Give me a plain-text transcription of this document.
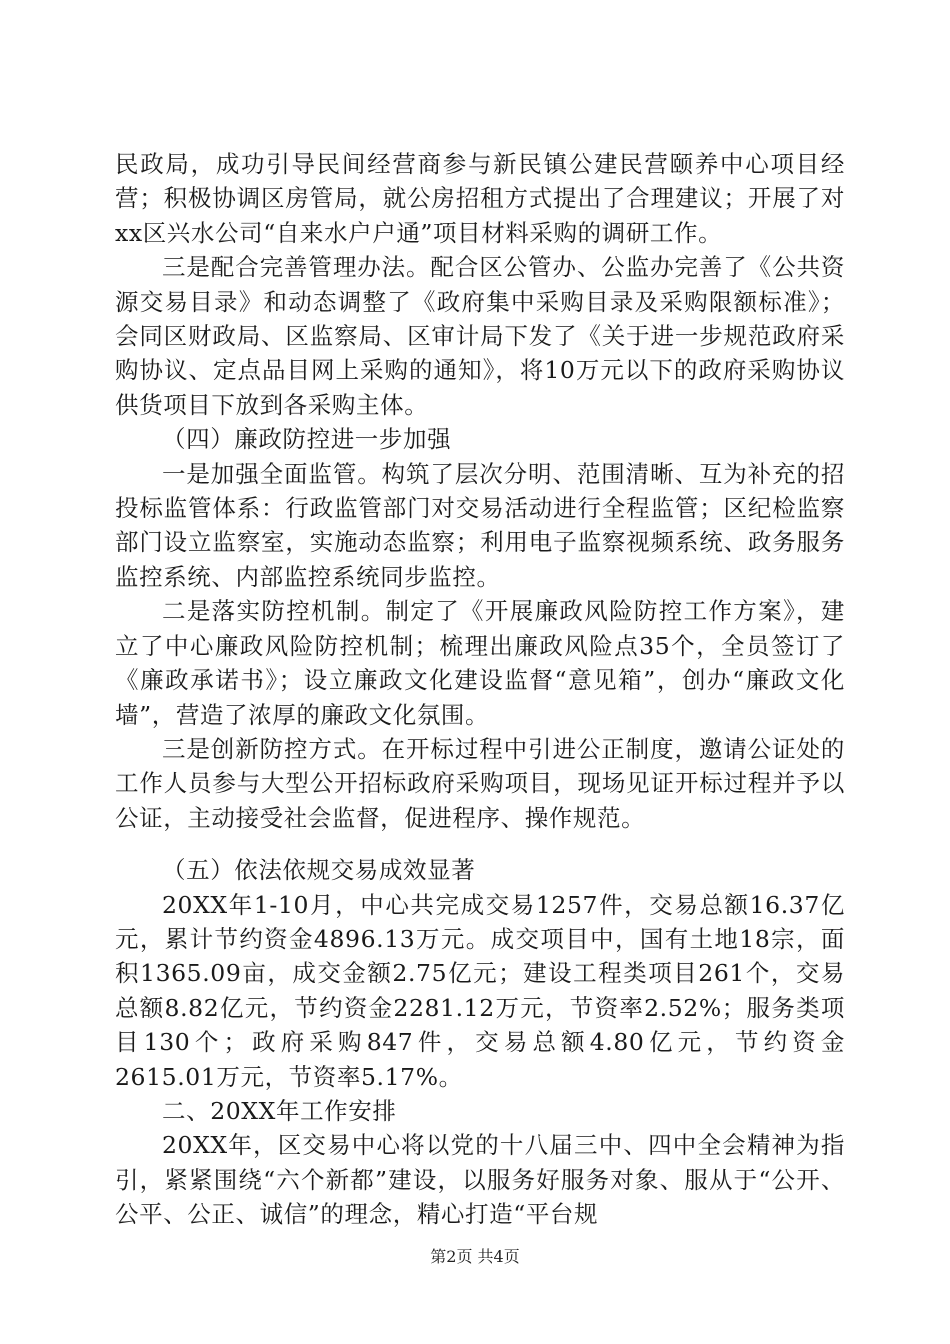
民政局，成功引导民间经营商参与新民镇公建民营颐养中心项目经营；积极协调区房管局，就公房招租方式提出了合理建议；开展了对xx区兴水公司“自来水户户通”项目材料采购的调研工作。

三是配合完善管理办法。配合区公管办、公监办完善了《公共资源交易目录》和动态调整了《政府集中采购目录及采购限额标准》；会同区财政局、区监察局、区审计局下发了《关于进一步规范政府采购协议、定点品目网上采购的通知》，将10万元以下的政府采购协议供货项目下放到各采购主体。

（四）廉政防控进一步加强

一是加强全面监管。构筑了层次分明、范围清晰、互为补充的招投标监管体系：行政监管部门对交易活动进行全程监管；区纪检监察部门设立监察室，实施动态监察；利用电子监察视频系统、政务服务监控系统、内部监控系统同步监控。

二是落实防控机制。制定了《开展廉政风险防控工作方案》，建立了中心廉政风险防控机制；梳理出廉政风险点35个，全员签订了《廉政承诺书》；设立廉政文化建设监督“意见箱”，创办“廉政文化墙”，营造了浓厚的廉政文化氛围。

三是创新防控方式。在开标过程中引进公正制度，邀请公证处的工作人员参与大型公开招标政府采购项目，现场见证开标过程并予以公证，主动接受社会监督，促进程序、操作规范。

（五）依法依规交易成效显著

20XX年1-10月，中心共完成交易1257件，交易总额16.37亿元，累计节约资金4896.13万元。成交项目中，国有土地18宗，面积1365.09亩，成交金额2.75亿元；建设工程类项目261个，交易总额8.82亿元，节约资金2281.12万元，节资率2.52%；服务类项目130个；政府采购847件，交易总额4.80亿元，节约资金2615.01万元，节资率5.17%。

二、20XX年工作安排

20XX年，区交易中心将以党的十八届三中、四中全会精神为指引，紧紧围绕“六个新都”建设，以服务好服务对象、服从于“公开、公平、公正、诚信”的理念，精心打造“平台规

第2页 共4页
